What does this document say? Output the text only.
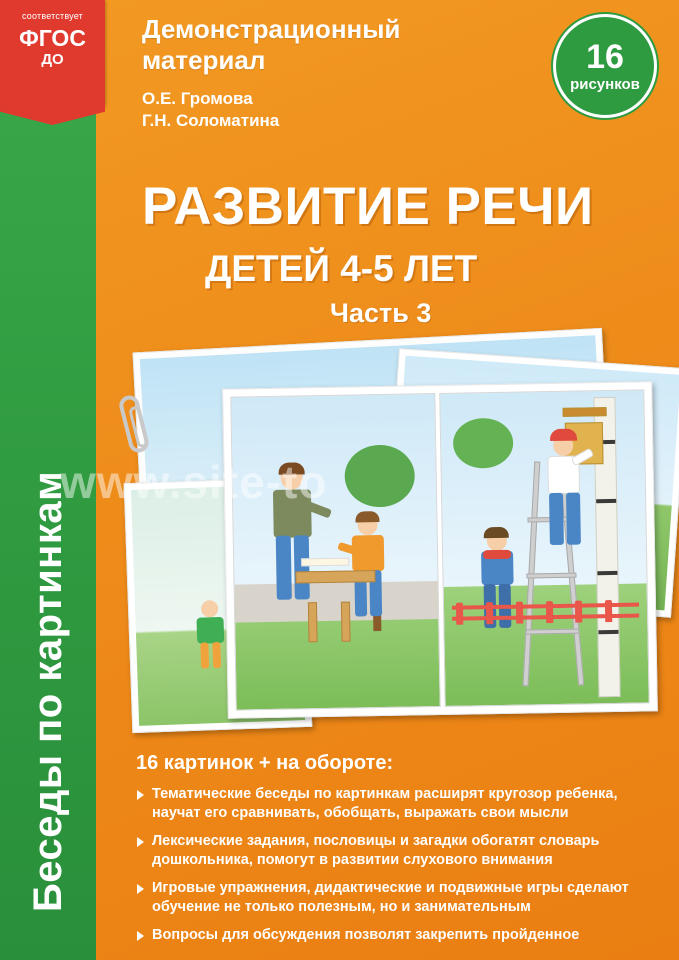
Беседы по картинкам
соответствует
ФГОС
ДО	16
рисунков
Демонстрационный
материал
О.Е. Громова
Г.Н. Соломатина
РАЗВИТИЕ РЕЧИ
ДЕТЕЙ 4-5 ЛЕТ
Часть 3
www.site-to
16 картинок + на обороте:
Тематические беседы по картинкам расширят кругозор ребенка, научат его сравнивать, обобщать, выражать свои мысли
Лексические задания, пословицы и загадки обогатят словарь дошкольника, помогут в развитии слухового внимания
Игровые упражнения, дидактические и подвижные игры сделают обучение не только полезным, но и занимательным
Вопросы для обсуждения позволят закрепить пройденное
